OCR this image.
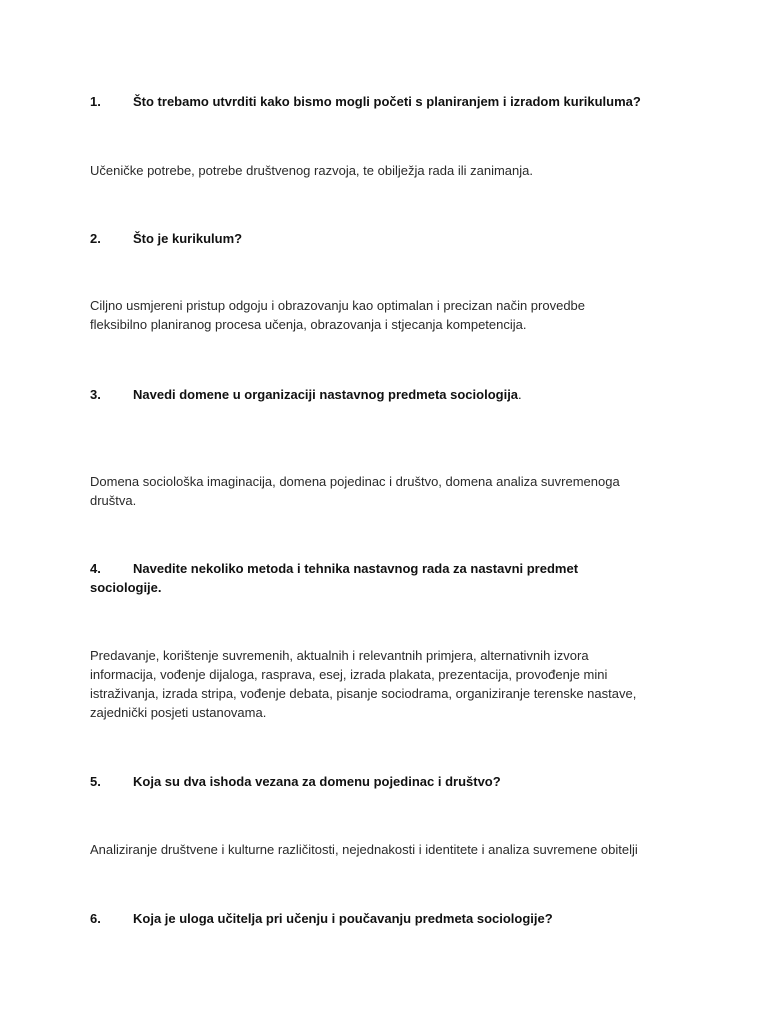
1. Što trebamo utvrditi kako bismo mogli početi s planiranjem i izradom kurikuluma?
Učeničke potrebe, potrebe društvenog razvoja, te obilježja rada ili zanimanja.
2. Što je kurikulum?
Ciljno usmjereni pristup odgoju i obrazovanju kao optimalan i precizan način provedbe
fleksibilno planiranog procesa učenja, obrazovanja i stjecanja kompetencija.
3. Navedi domene u organizaciji nastavnog predmeta sociologija.
Domena sociološka imaginacija, domena pojedinac i društvo, domena analiza suvremenoga
društva.
4. Navedite nekoliko metoda i tehnika nastavnog rada za nastavni predmet
sociologije.
Predavanje, korištenje suvremenih, aktualnih i relevantnih primjera, alternativnih izvora
informacija, vođenje dijaloga, rasprava, esej, izrada plakata, prezentacija, provođenje mini
istraživanja, izrada stripa, vođenje debata, pisanje sociodrama, organiziranje terenske nastave,
zajednički posjeti ustanovama.
5. Koja su dva ishoda vezana za domenu pojedinac i društvo?
Analiziranje društvene i kulturne različitosti, nejednakosti i identitete i analiza suvremene obitelji
6. Koja je uloga učitelja pri učenju i poučavanju predmeta sociologije?
